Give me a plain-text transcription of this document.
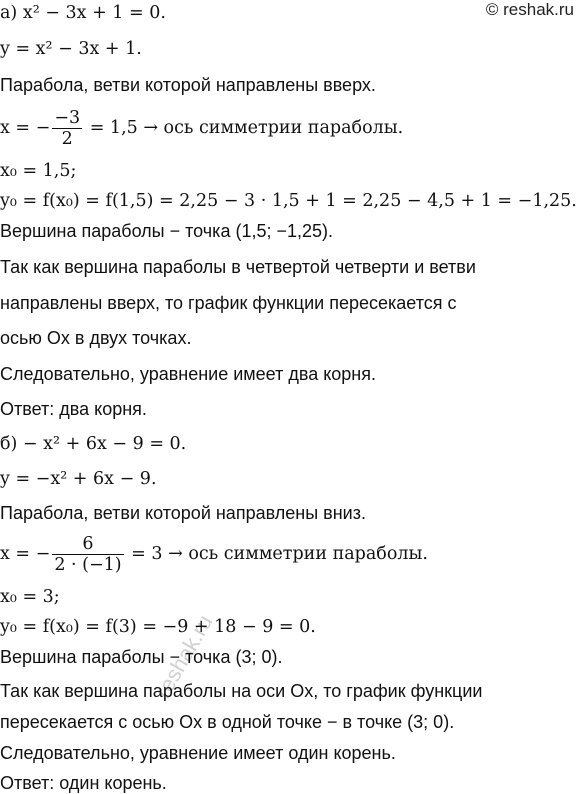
© reshak.ru
reshak.ru
а) x² − 3x + 1 = 0.
y = x² − 3x + 1.
Парабола, ветви которой направлены вверх.
x = − $\frac{-3}{2} = 1,5$ → ось симметрии параболы.
x₀ = 1,5;
y₀ = f(x₀) = f(1,5) = 2,25 − 3 · 1,5 + 1 = 2,25 − 4,5 + 1 = −1,25.
Вершина параболы − точка (1,5; −1,25).
Так как вершина параболы в четвертой четверти и ветви
направлены вверх, то график функции пересекается с
осью Ox в двух точках.
Следовательно, уравнение имеет два корня.
Ответ: два корня.
б) − x² + 6x − 9 = 0.
y = −x² + 6x − 9.
Парабола, ветви которой направлены вниз.
x = − $\frac{6}{2 \cdot (-1)} = 3$ → ось симметрии параболы.
x₀ = 3;
y₀ = f(x₀) = f(3) = −9 + 18 − 9 = 0.
Вершина параболы − точка (3; 0).
Так как вершина параболы на оси Ox, то график функции
пересекается с осью Ox в одной точке − в точке (3; 0).
Следовательно, уравнение имеет один корень.
Ответ: один корень.
